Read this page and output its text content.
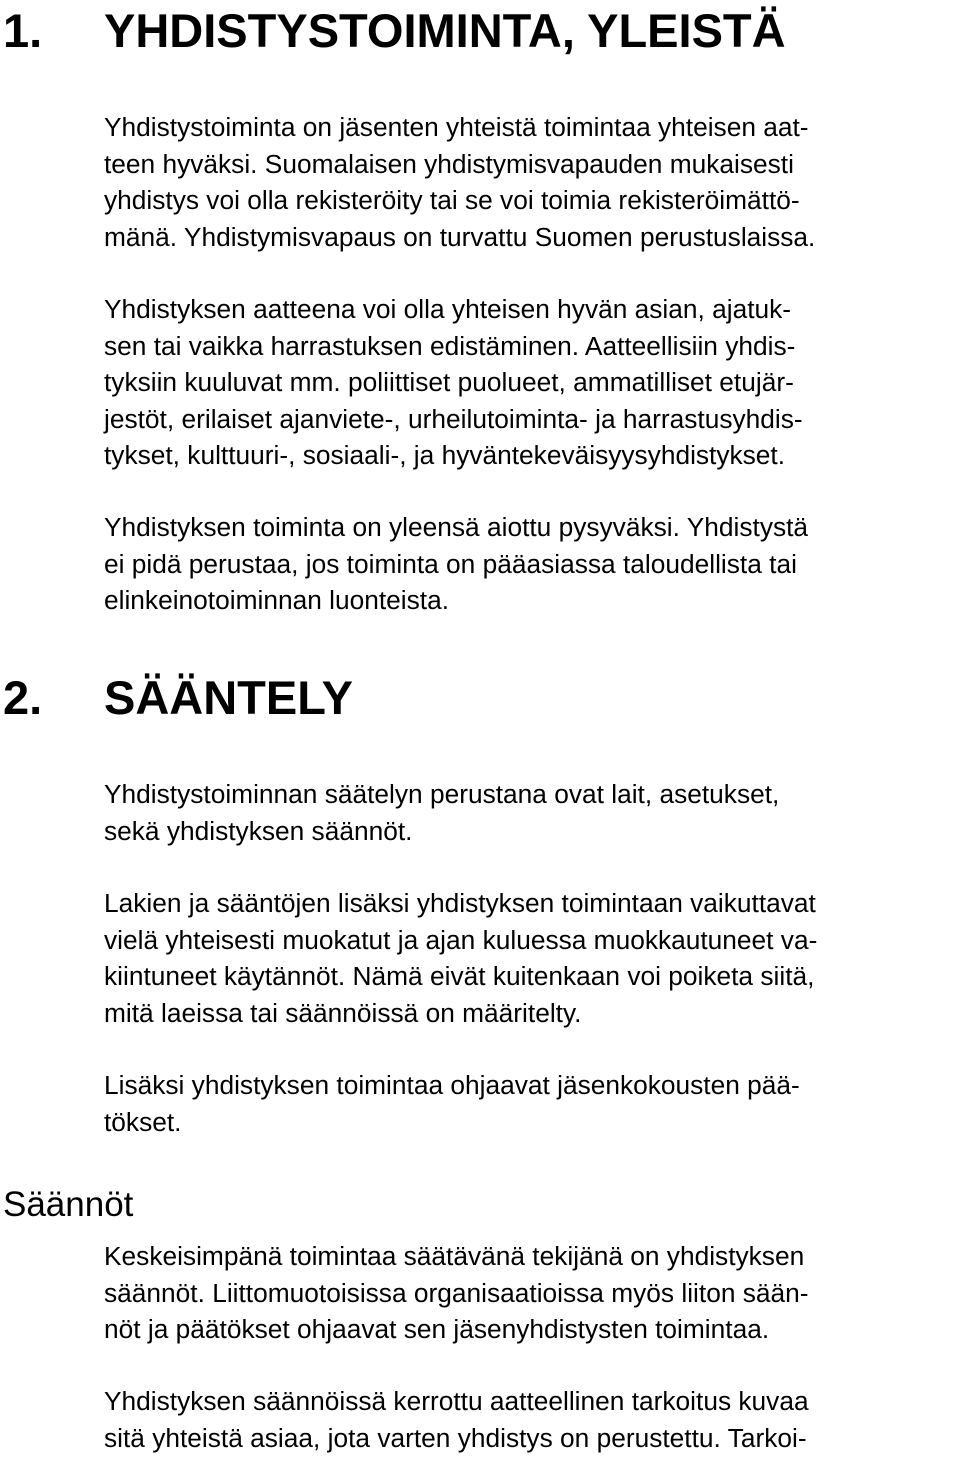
1. YHDISTYSTOIMINTA, YLEISTÄ

Yhdistystoiminta on jäsenten yhteistä toimintaa yhteisen aat-
teen hyväksi. Suomalaisen yhdistymisvapauden mukaisesti
yhdistys voi olla rekisteröity tai se voi toimia rekisteröimättö-
mänä. Yhdistymisvapaus on turvattu Suomen perustuslaissa.

Yhdistyksen aatteena voi olla yhteisen hyvän asian, ajatuk-
sen tai vaikka harrastuksen edistäminen. Aatteellisiin yhdis-
tyksiin kuuluvat mm. poliittiset puolueet, ammatilliset etujär-
jestöt, erilaiset ajanviete-, urheilutoiminta- ja harrastusyhdis-
tykset, kulttuuri-, sosiaali-, ja hyväntekeväisyysyhdistykset.

Yhdistyksen toiminta on yleensä aiottu pysyväksi. Yhdistystä
ei pidä perustaa, jos toiminta on pääasiassa taloudellista tai
elinkeinotoiminnan luonteista.

2. SÄÄNTELY

Yhdistystoiminnan säätelyn perustana ovat lait, asetukset,
sekä yhdistyksen säännöt.

Lakien ja sääntöjen lisäksi yhdistyksen toimintaan vaikuttavat
vielä yhteisesti muokatut ja ajan kuluessa muokkautuneet va-
kiintuneet käytännöt. Nämä eivät kuitenkaan voi poiketa siitä,
mitä laeissa tai säännöissä on määritelty.

Lisäksi yhdistyksen toimintaa ohjaavat jäsenkokousten pää-
tökset.

Säännöt

Keskeisimpänä toimintaa säätävänä tekijänä on yhdistyksen
säännöt. Liittomuotoisissa organisaatioissa myös liiton sään-
nöt ja päätökset ohjaavat sen jäsenyhdistysten toimintaa.

Yhdistyksen säännöissä kerrottu aatteellinen tarkoitus kuvaa
sitä yhteistä asiaa, jota varten yhdistys on perustettu. Tarkoi-
